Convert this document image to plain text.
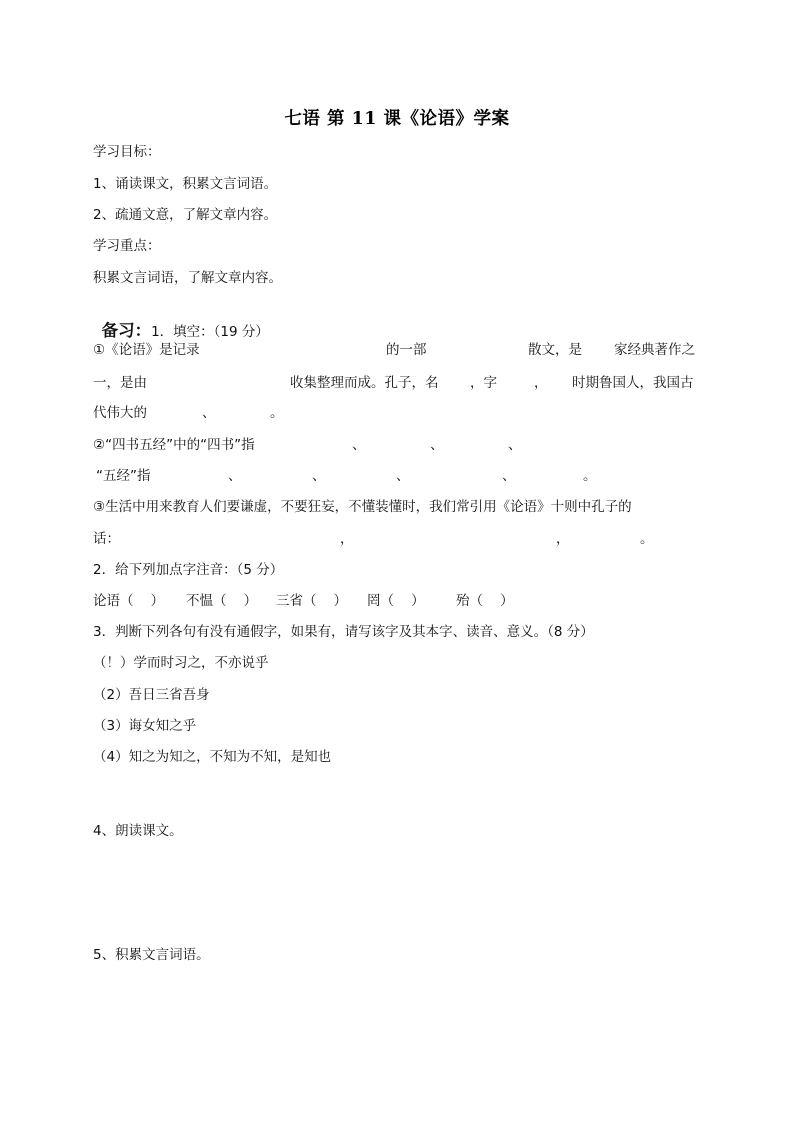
七语 第 11 课《论语》学案
学习目标：
1、诵读课文，积累文言词语。
2、疏通文意，了解文章内容。
学习重点：
积累文言词语，了解文章内容。

备习：1．填空：（19 分）

①《论语》是记录	的一部	散文，是 家经典著作之
一，是由	收集整理而成。孔子，名 ，字	， 时期鲁国人，我国古
代伟大的	、	。
②“四书五经”中的“四书”指	、	、	、
“五经”指	、	、	、	、	。
③生活中用来教育人们要谦虚，不要狂妄，不懂装懂时，我们常引用《论语》十则中孔子的
话：	，	，	。
2．给下列加点字注音：（5 分）
论语（    ） 不愠（    ） 三省（    ） 罔（    ） 殆（    ）
3．判断下列各句有没有通假字，如果有，请写该字及其本字、读音、意义。（8 分）
（！）学而时习之，不亦说乎
（2）吾日三省吾身
（3）诲女知之乎
（4）知之为知之，不知为不知，是知也
4、朗读课文。
5、积累文言词语。
